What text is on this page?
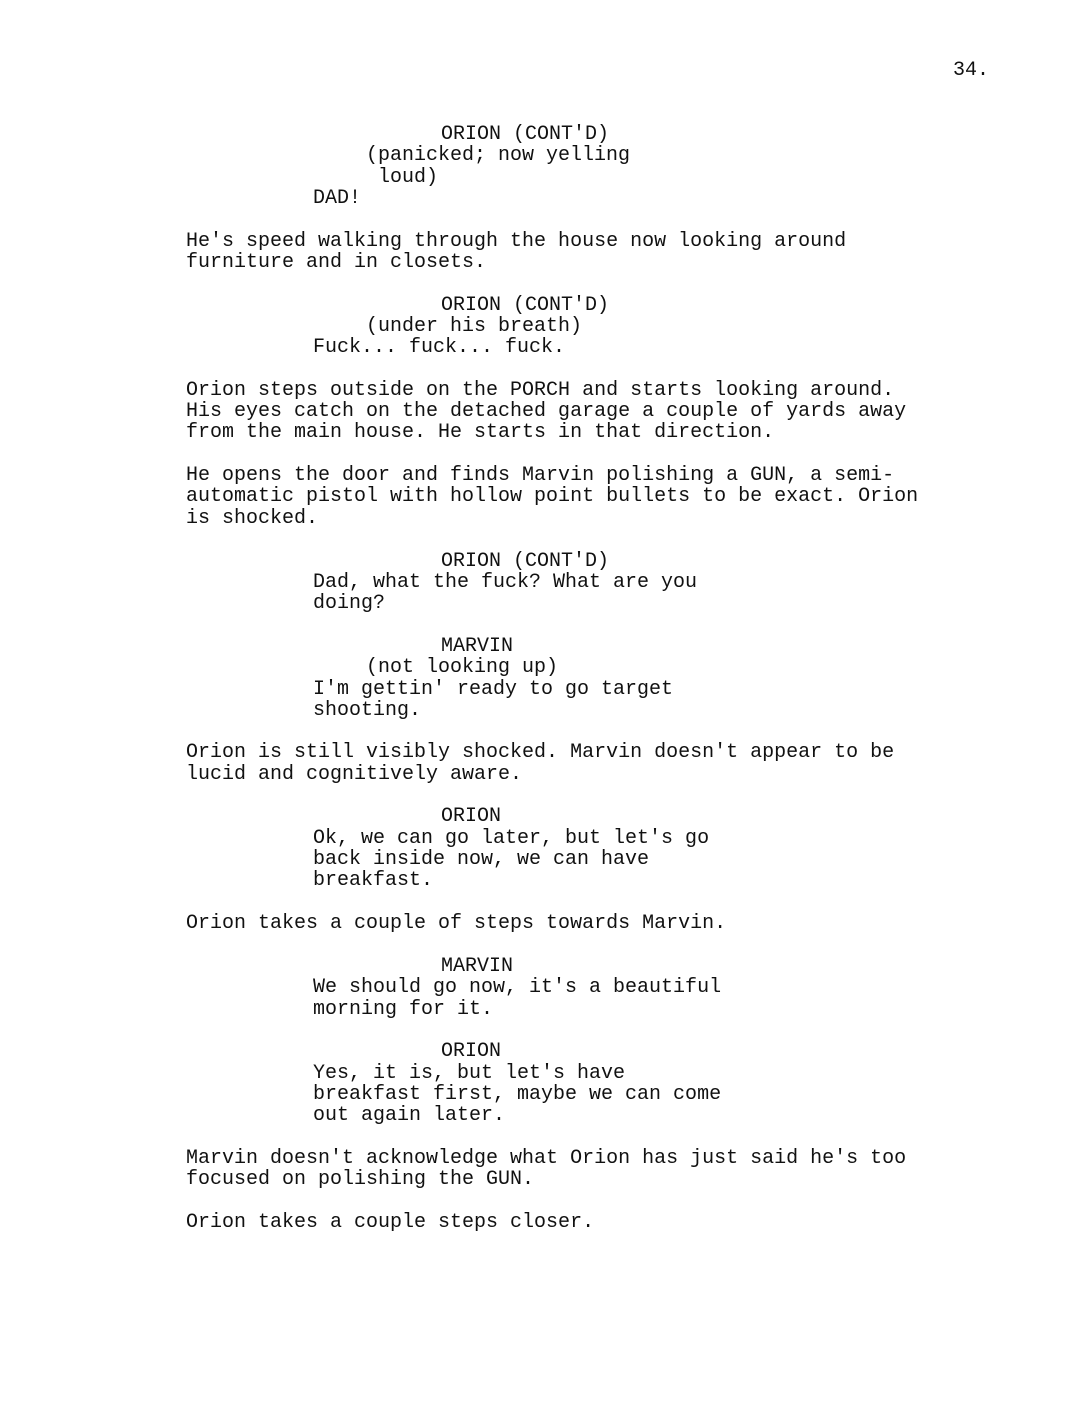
34.
ORION (CONT'D)
(panicked; now yelling
loud)
DAD!
He's speed walking through the house now looking around
furniture and in closets.
ORION (CONT'D)
(under his breath)
Fuck... fuck... fuck.
Orion steps outside on the PORCH and starts looking around.
His eyes catch on the detached garage a couple of yards away
from the main house. He starts in that direction.
He opens the door and finds Marvin polishing a GUN, a semi-
automatic pistol with hollow point bullets to be exact. Orion
is shocked.
ORION (CONT'D)
Dad, what the fuck? What are you
doing?
MARVIN
(not looking up)
I'm gettin' ready to go target
shooting.
Orion is still visibly shocked. Marvin doesn't appear to be
lucid and cognitively aware.
ORION
Ok, we can go later, but let's go
back inside now, we can have
breakfast.
Orion takes a couple of steps towards Marvin.
MARVIN
We should go now, it's a beautiful
morning for it.
ORION
Yes, it is, but let's have
breakfast first, maybe we can come
out again later.
Marvin doesn't acknowledge what Orion has just said he's too
focused on polishing the GUN.
Orion takes a couple steps closer.
